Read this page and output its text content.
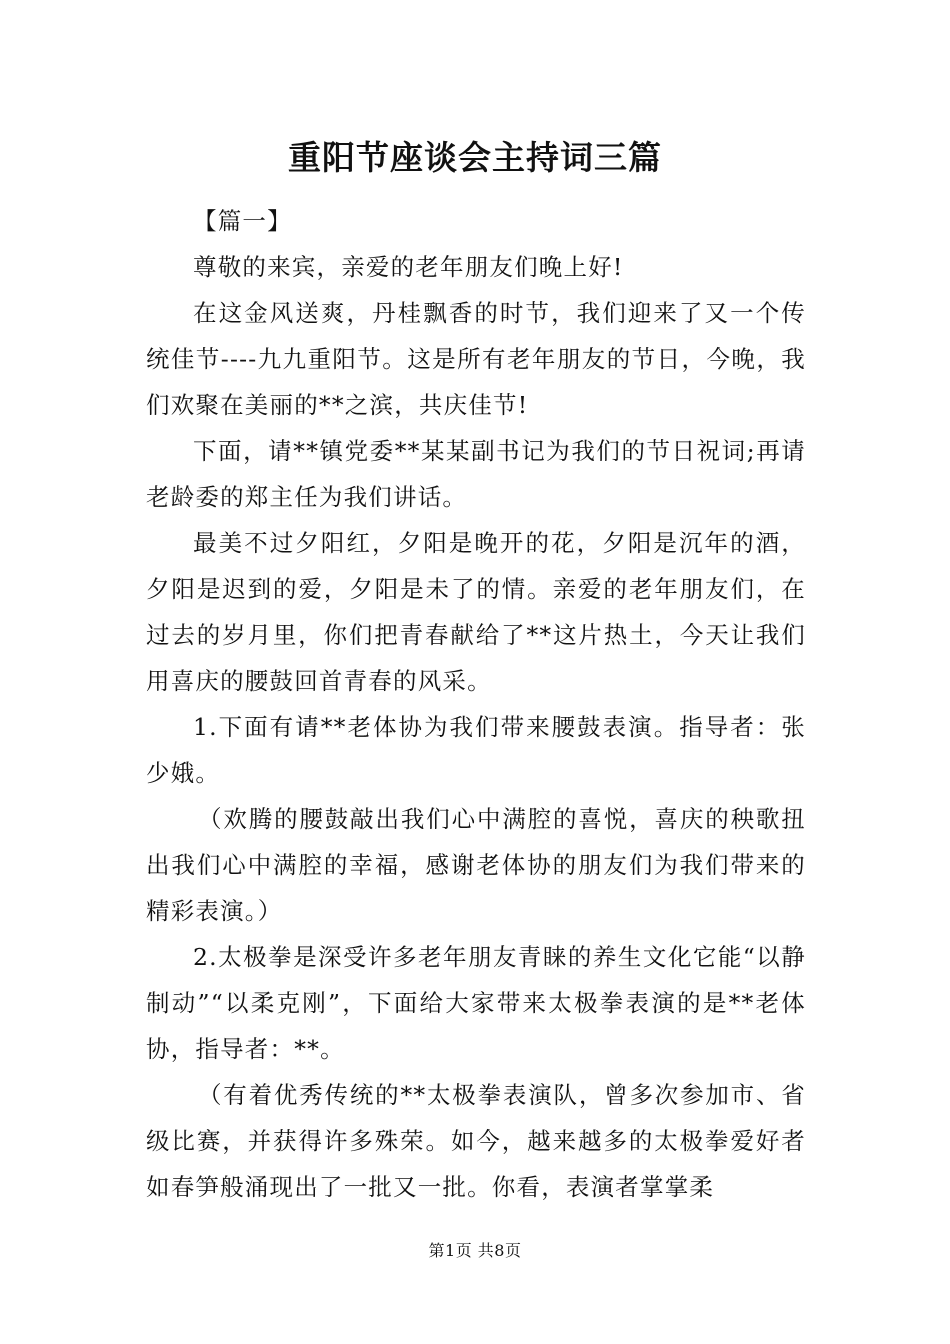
重阳节座谈会主持词三篇

【篇一】

尊敬的来宾，亲爱的老年朋友们晚上好!

在这金风送爽，丹桂飘香的时节，我们迎来了又一个传统佳节----九九重阳节。这是所有老年朋友的节日，今晚，我们欢聚在美丽的**之滨，共庆佳节!

下面，请**镇党委**某某副书记为我们的节日祝词;再请老龄委的郑主任为我们讲话。

最美不过夕阳红，夕阳是晚开的花，夕阳是沉年的酒，夕阳是迟到的爱，夕阳是未了的情。亲爱的老年朋友们，在过去的岁月里，你们把青春献给了**这片热土，今天让我们用喜庆的腰鼓回首青春的风采。

1.下面有请**老体协为我们带来腰鼓表演。指导者：张少娥。

（欢腾的腰鼓敲出我们心中满腔的喜悦，喜庆的秧歌扭出我们心中满腔的幸福，感谢老体协的朋友们为我们带来的精彩表演。）

2.太极拳是深受许多老年朋友青睐的养生文化它能“以静制动”“以柔克刚”，下面给大家带来太极拳表演的是**老体协，指导者：**。

（有着优秀传统的**太极拳表演队，曾多次参加市、省级比赛，并获得许多殊荣。如今，越来越多的太极拳爱好者如春笋般涌现出了一批又一批。你看，表演者掌掌柔

第1页 共8页
